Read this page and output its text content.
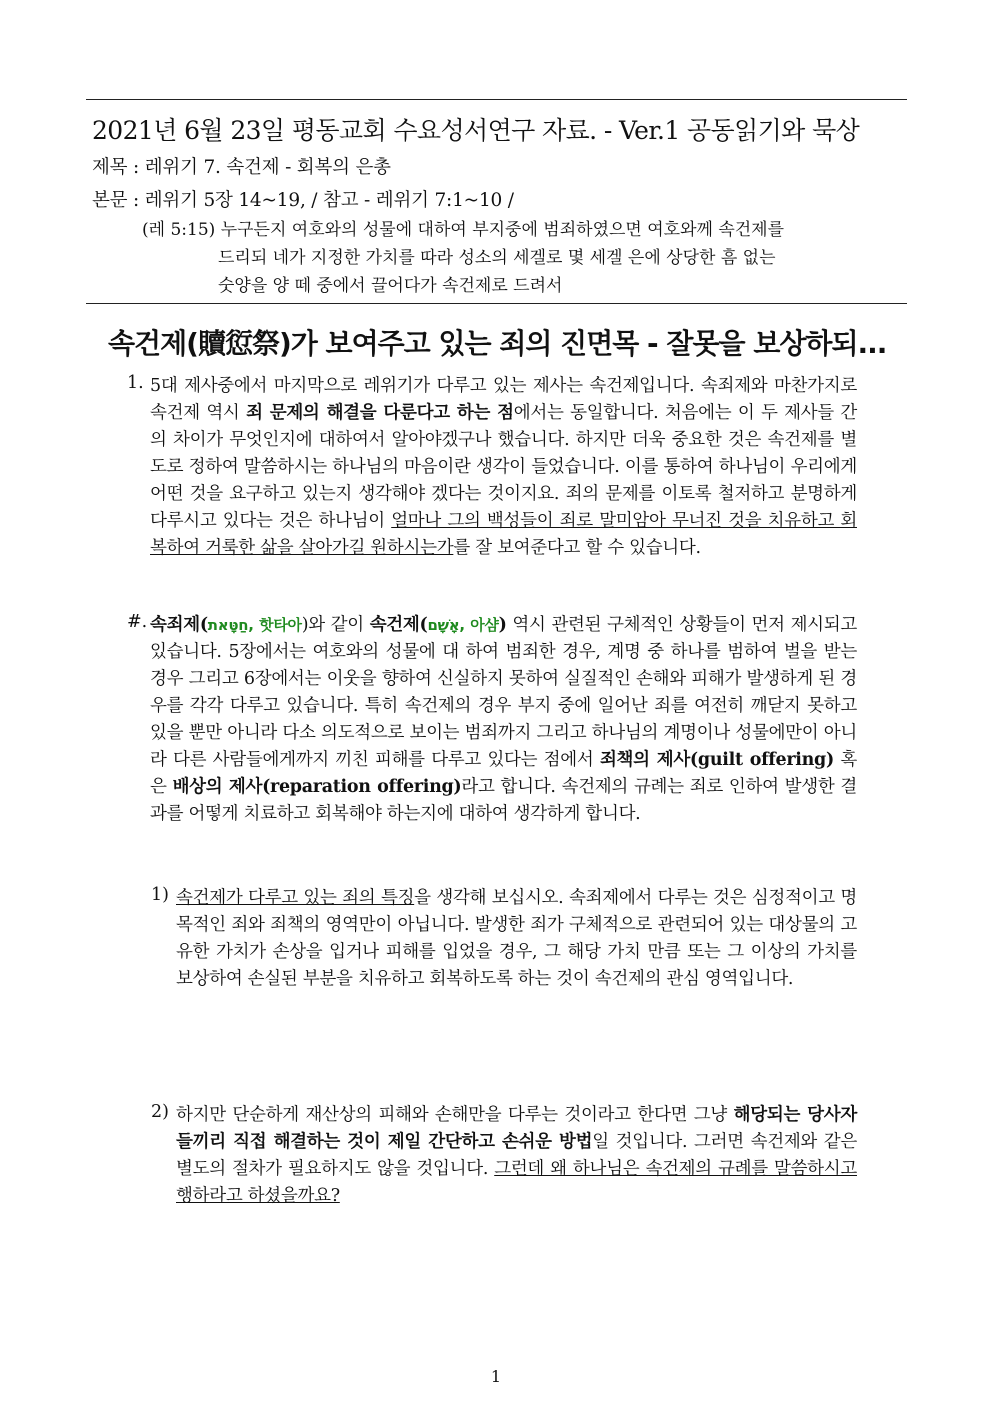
2021년 6월 23일 평동교회 수요성서연구 자료. - Ver.1 공동읽기와 묵상
제목 : 레위기 7. 속건제 - 회복의 은총
본문 : 레위기 5장 14~19, / 참고 - 레위기 7:1~10 /
(레 5:15) 누구든지 여호와의 성물에 대하여 부지중에 범죄하였으면 여호와께 속건제를
드리되 네가 지정한 가치를 따라 성소의 세겔로 몇 세겔 은에 상당한 흠 없는
숫양을 양 떼 중에서 끌어다가 속건제로 드려서
속건제(贖愆祭)가 보여주고 있는 죄의 진면목 - 잘못을 보상하되...
1. 5대 제사중에서 마지막으로 레위기가 다루고 있는 제사는 속건제입니다. 속죄제와 마찬가지로 속건제 역시 죄 문제의 해결을 다룬다고 하는 점에서는 동일합니다. 처음에는 이 두 제사들 간의 차이가 무엇인지에 대하여서 알아야겠구나 했습니다. 하지만 더욱 중요한 것은 속건제를 별도로 정하여 말씀하시는 하나님의 마음이란 생각이 들었습니다. 이를 통하여 하나님이 우리에게 어떤 것을 요구하고 있는지 생각해야 겠다는 것이지요. 죄의 문제를 이토록 철저하고 분명하게 다루시고 있다는 것은 하나님이 얼마나 그의 백성들이 죄로 말미암아 무너진 것을 치유하고 회복하여 거룩한 삶을 살아가길 원하시는가를 잘 보여준다고 할 수 있습니다.
#. 속죄제(חַטָּאת, 핫타아)와 같이 속건제(אָשָׁם, 아샴) 역시 관련된 구체적인 상황들이 먼저 제시되고 있습니다. 5장에서는 여호와의 성물에 대 하여 범죄한 경우, 계명 중 하나를 범하여 벌을 받는 경우 그리고 6장에서는 이웃을 향하여 신실하지 못하여 실질적인 손해와 피해가 발생하게 된 경우를 각각 다루고 있습니다. 특히 속건제의 경우 부지 중에 일어난 죄를 여전히 깨닫지 못하고 있을 뿐만 아니라 다소 의도적으로 보이는 범죄까지 그리고 하나님의 계명이나 성물에만이 아니라 다른 사람들에게까지 끼친 피해를 다루고 있다는 점에서 죄책의 제사(guilt offering) 혹은 배상의 제사(reparation offering)라고 합니다. 속건제의 규례는 죄로 인하여 발생한 결과를 어떻게 치료하고 회복해야 하는지에 대하여 생각하게 합니다.
1) 속건제가 다루고 있는 죄의 특징을 생각해 보십시오. 속죄제에서 다루는 것은 심정적이고 명목적인 죄와 죄책의 영역만이 아닙니다. 발생한 죄가 구체적으로 관련되어 있는 대상물의 고유한 가치가 손상을 입거나 피해를 입었을 경우, 그 해당 가치 만큼 또는 그 이상의 가치를 보상하여 손실된 부분을 치유하고 회복하도록 하는 것이 속건제의 관심 영역입니다.
2) 하지만 단순하게 재산상의 피해와 손해만을 다루는 것이라고 한다면 그냥 해당되는 당사자들끼리 직접 해결하는 것이 제일 간단하고 손쉬운 방법일 것입니다. 그러면 속건제와 같은 별도의 절차가 필요하지도 않을 것입니다. 그런데 왜 하나님은 속건제의 규례를 말씀하시고 행하라고 하셨을까요?
1
